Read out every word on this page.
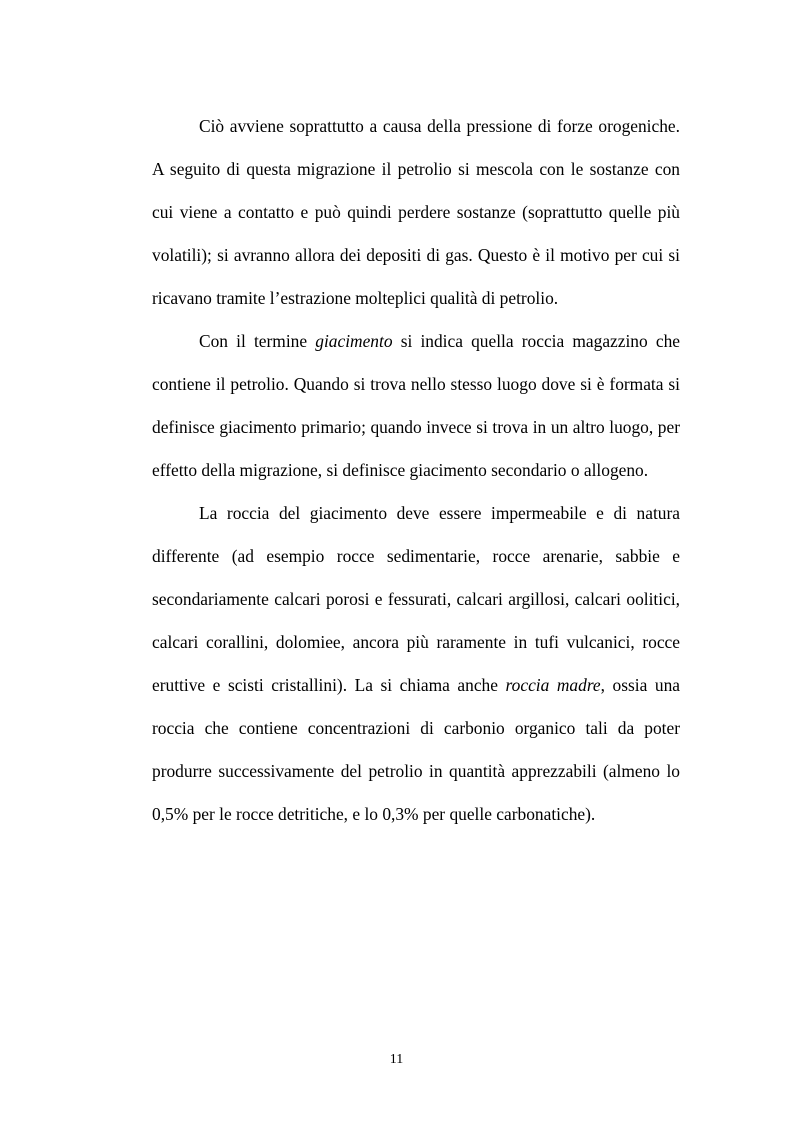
Ciò avviene soprattutto a causa della pressione di forze orogeniche. A seguito di questa migrazione il petrolio si mescola con le sostanze con cui viene a contatto e può quindi perdere sostanze (soprattutto quelle più volatili); si avranno allora dei depositi di gas. Questo è il motivo per cui si ricavano tramite l’estrazione molteplici qualità di petrolio.

Con il termine giacimento si indica quella roccia magazzino che contiene il petrolio. Quando si trova nello stesso luogo dove si è formata si definisce giacimento primario; quando invece si trova in un altro luogo, per effetto della migrazione, si definisce giacimento secondario o allogeno.

La roccia del giacimento deve essere impermeabile e di natura differente (ad esempio rocce sedimentarie, rocce arenarie, sabbie e secondariamente calcari porosi e fessurati, calcari argillosi, calcari oolitici, calcari corallini, dolomiee, ancora più raramente in tufi vulcanici, rocce eruttive e scisti cristallini). La si chiama anche roccia madre, ossia una roccia che contiene concentrazioni di carbonio organico tali da poter produrre successivamente del petrolio in quantità apprezzabili (almeno lo 0,5% per le rocce detritiche, e lo 0,3% per quelle carbonatiche).

11
